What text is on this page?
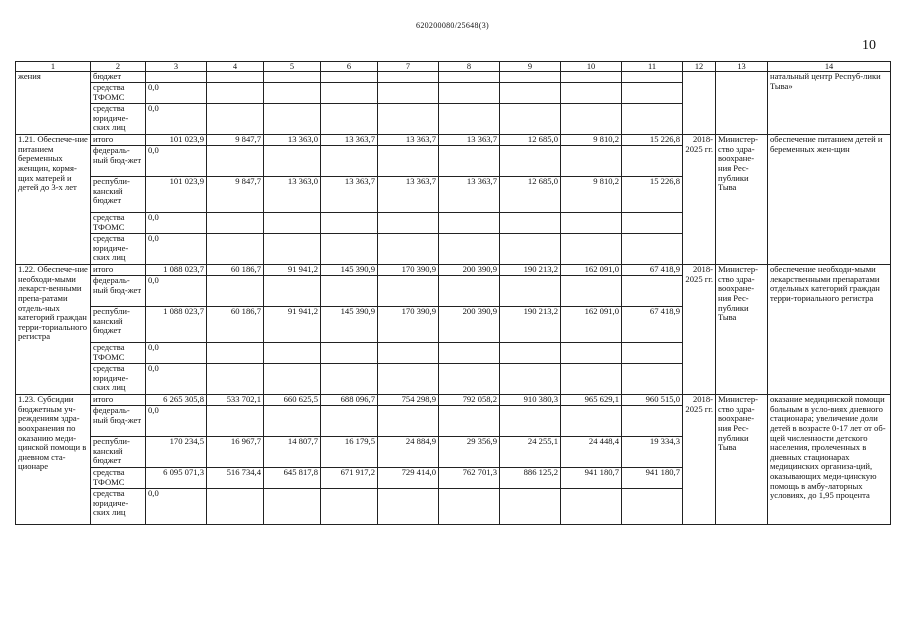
620200080/25648(3)
10
1	2	3	4	5	6	7	8	9	10	11	12	13	14
жения	бюджет												натальный центр Респуб-лики Тыва»
	средства ТФОМС	0,0											
	средства юридиче-ских лиц	0,0											
1.21. Обеспече-ние питанием беременных женщин, кормя-щих матерей и детей до 3-х лет	итого	101 023,9	9 847,7	13 363,0	13 363,7	13 363,7	13 363,7	12 685,0	9 810,2	15 226,8	2018-2025 гг.	Министер-ство здра-воохране-ния Рес-публики Тыва	обеспечение питанием детей и беременных жен-щин
	федераль-ный бюд-жет	0,0											
	республи-канский бюджет	101 023,9	9 847,7	13 363,0	13 363,7	13 363,7	13 363,7	12 685,0	9 810,2	15 226,8			
	средства ТФОМС	0,0											
	средства юридиче-ских лиц	0,0											
1.22. Обеспече-ние необходи-мыми лекарст-венными препа-ратами отдель-ных категорий граждан терри-ториального регистра	итого	1 088 023,7	60 186,7	91 941,2	145 390,9	170 390,9	200 390,9	190 213,2	162 091,0	67 418,9	2018-2025 гг.	Министер-ство здра-воохране-ния Рес-публики Тыва	обеспечение необходи-мыми лекарственными препаратами отдельных категорий граждан терри-ториального регистра
	федераль-ный бюд-жет	0,0											
	республи-канский бюджет	1 088 023,7	60 186,7	91 941,2	145 390,9	170 390,9	200 390,9	190 213,2	162 091,0	67 418,9			
	средства ТФОМС	0,0											
	средства юридиче-ских лиц	0,0											
1.23. Субсидии бюджетным уч-реждениям здра-воохранения по оказанию меди-цинской помощи в дневном ста-ционаре	итого	6 265 305,8	533 702,1	660 625,5	688 096,7	754 298,9	792 058,2	910 380,3	965 629,1	960 515,0	2018-2025 гг.	Министер-ство здра-воохране-ния Рес-публики Тыва	оказание медицинской помощи больным в усло-виях дневного стационара; увеличение доли детей в возрасте 0-17 лет от об-щей численности детского населения, пролеченных в дневных стационарах медицинских организа-ций, оказывающих меди-цинскую помощь в амбу-латорных условиях, до 1,95 процента
	федераль-ный бюд-жет	0,0											
	республи-канский бюджет	170 234,5	16 967,7	14 807,7	16 179,5	24 884,9	29 356,9	24 255,1	24 448,4	19 334,3			
	средства ТФОМС	6 095 071,3	516 734,4	645 817,8	671 917,2	729 414,0	762 701,3	886 125,2	941 180,7	941 180,7			
	средства юридиче-ских лиц	0,0											
